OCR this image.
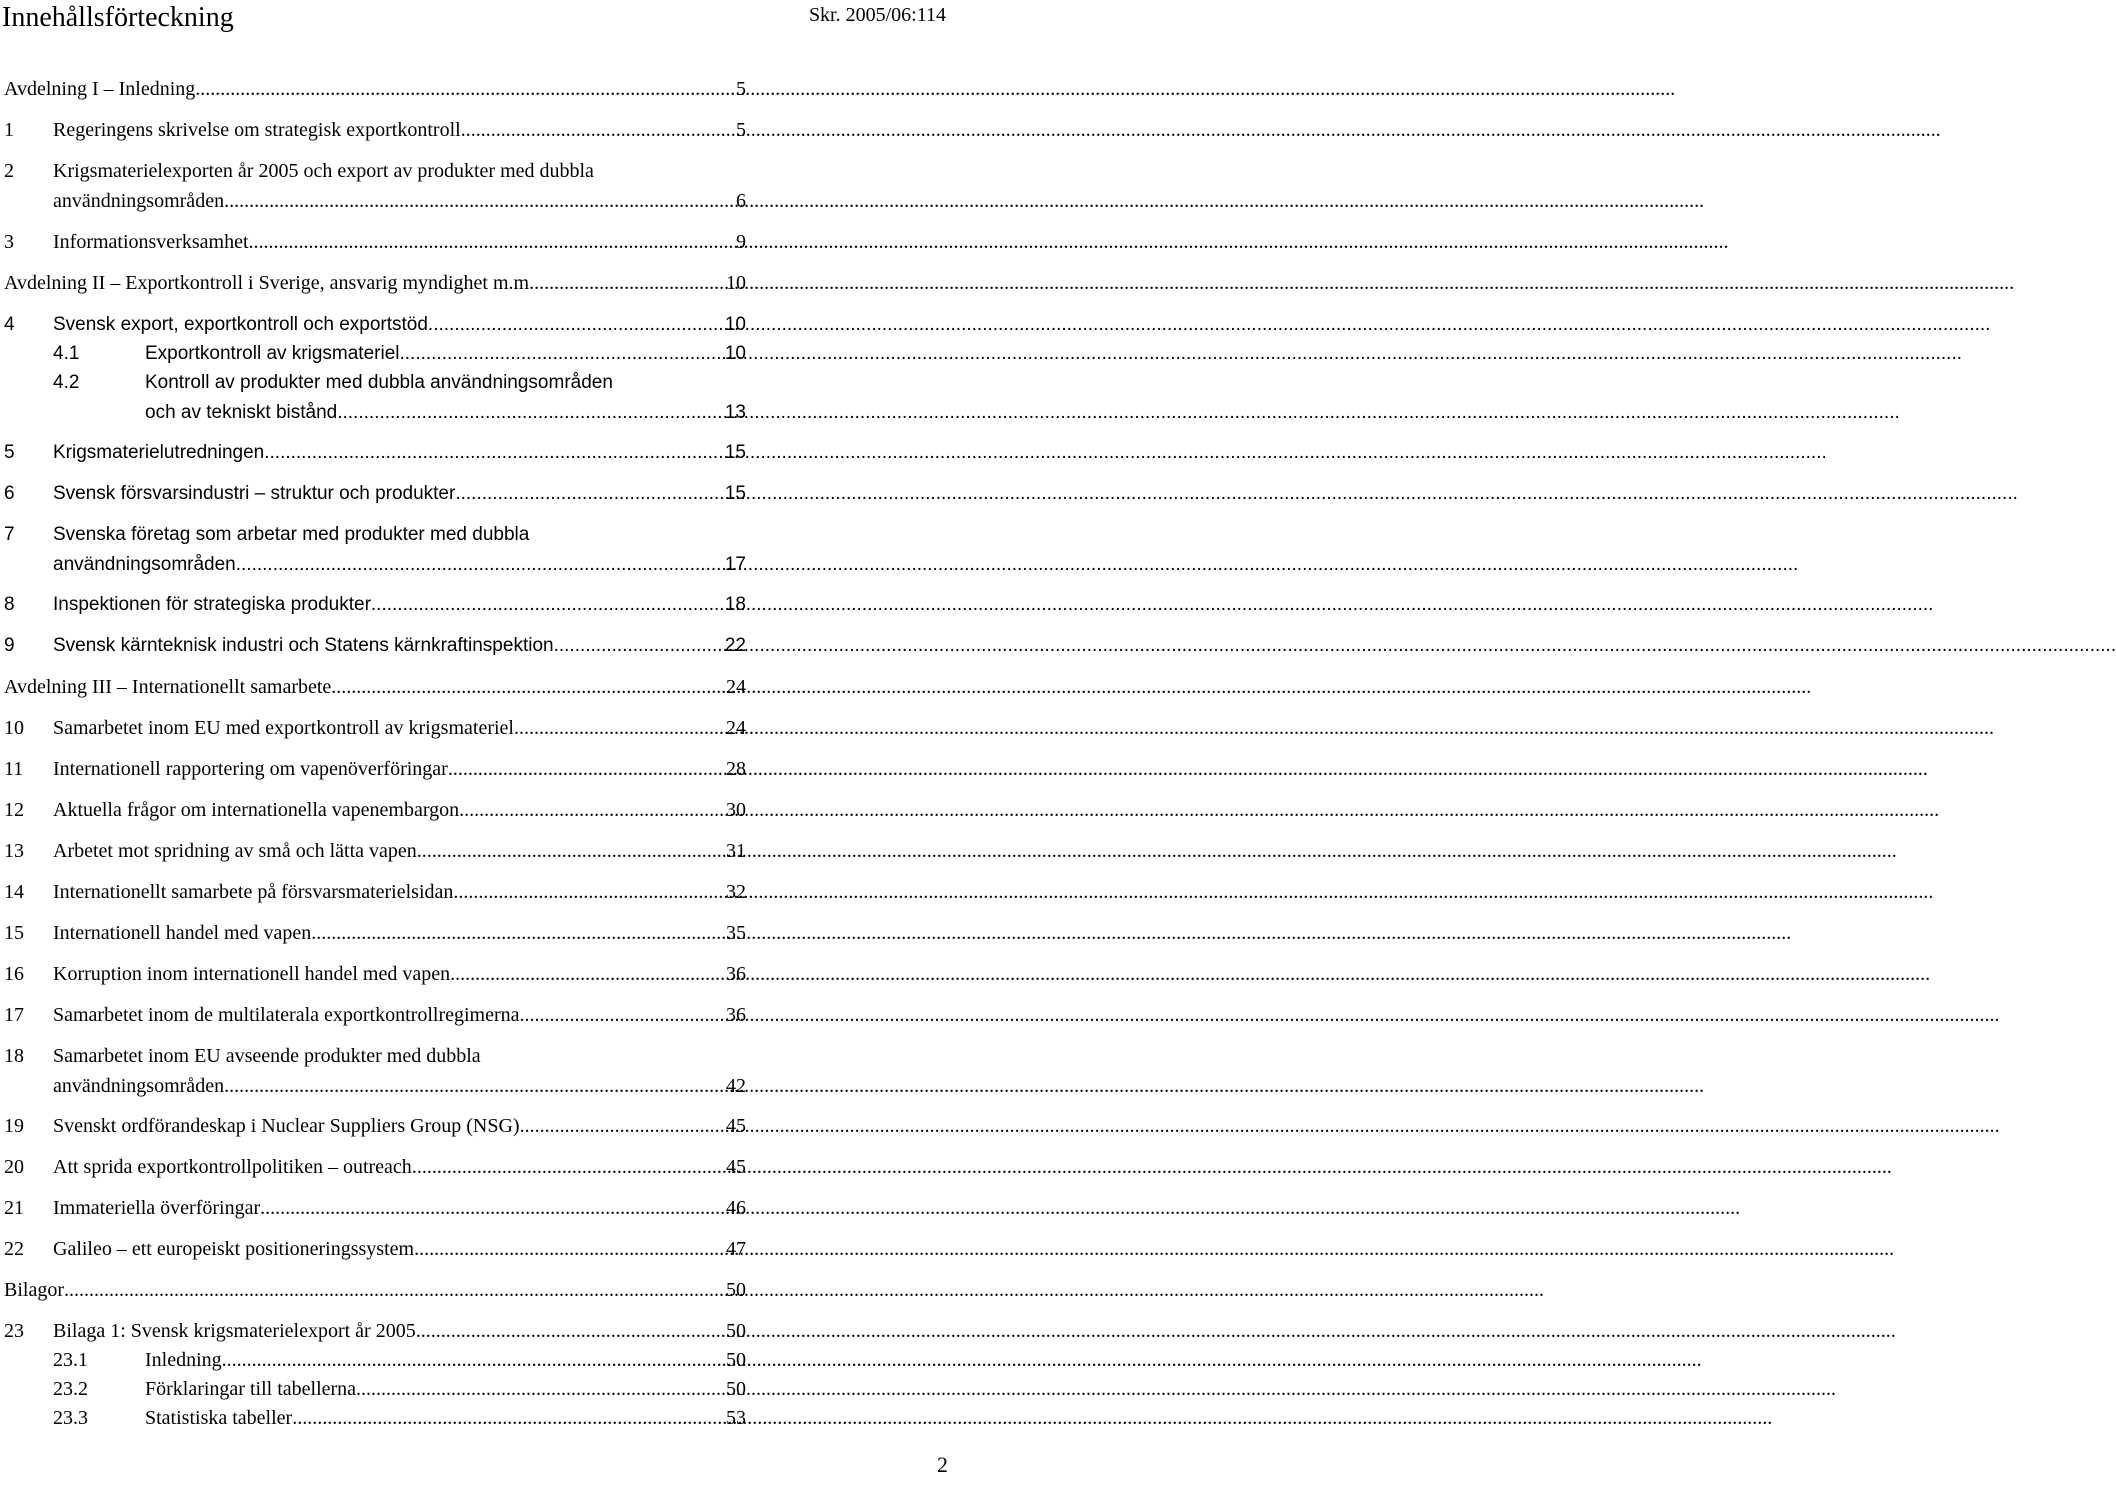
Innehållsförteckning	Skr. 2005/06:114
Avdelning I – Inledning .....	5
1 Regeringens skrivelse om strategisk exportkontroll .....	5
2 Krigsmaterielexporten år 2005 och export av produkter med dubbla
användningsområden .....	6
3 Informationsverksamhet .....	9
Avdelning II – Exportkontroll i Sverige, ansvarig myndighet m.m. .....	10
4 Svensk export, exportkontroll och exportstöd .....	10
4.1	Exportkontroll av krigsmateriel .....	10
4.2	Kontroll av produkter med dubbla användningsområden
och av tekniskt bistånd .....	13
5 Krigsmaterielutredningen .....	15
6 Svensk försvarsindustri – struktur och produkter .....	15
7 Svenska företag som arbetar med produkter med dubbla
användningsområden .....	17
8 Inspektionen för strategiska produkter .....	18
9 Svensk kärnteknisk industri och Statens kärnkraftinspektion .....	22
Avdelning III – Internationellt samarbete .....	24
10 Samarbetet inom EU med exportkontroll av krigsmateriel .....	24
11 Internationell rapportering om vapenöverföringar .....	28
12 Aktuella frågor om internationella vapenembargon .....	30
13 Arbetet mot spridning av små och lätta vapen .....	31
14 Internationellt samarbete på försvarsmaterielsidan .....	32
15 Internationell handel med vapen .....	35
16 Korruption inom internationell handel med vapen .....	36
17 Samarbetet inom de multilaterala exportkontrollregimerna .....	36
18 Samarbetet inom EU avseende produkter med dubbla
användningsområden .....	42
19 Svenskt ordförandeskap i Nuclear Suppliers Group (NSG) .....	45
20 Att sprida exportkontrollpolitiken – outreach .....	45
21 Immateriella överföringar .....	46
22 Galileo – ett europeiskt positioneringssystem .....	47
Bilagor .....	50
23 Bilaga 1: Svensk krigsmaterielexport år 2005 .....	50
23.1	Inledning .....	50
23.2	Förklaringar till tabellerna .....	50
23.3	Statistiska tabeller .....	53
2
